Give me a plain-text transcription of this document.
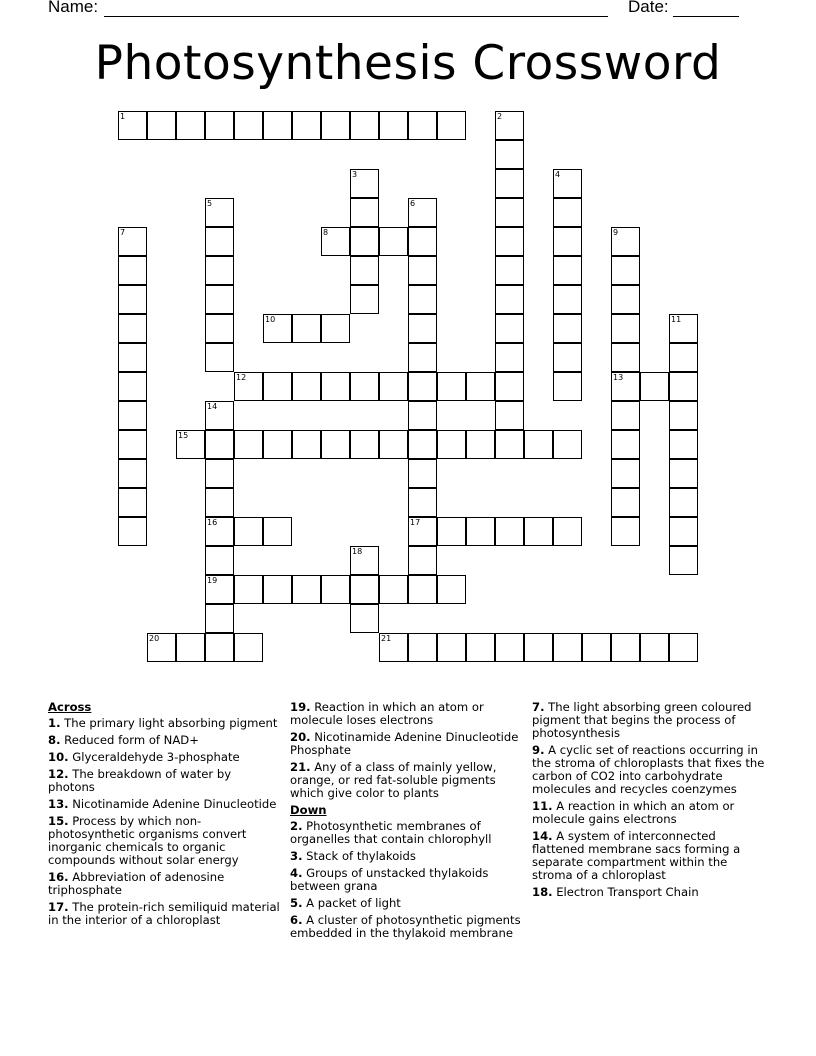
Name:	Date:
Photosynthesis Crossword
1	2
3	4
5	6
17
7	8	9
13
10	11
12
14
16
19
15
18
20	21
Across
1. The primary light absorbing pigment
8. Reduced form of NAD+
10. Glyceraldehyde 3-phosphate
12. The breakdown of water by photons
13. Nicotinamide Adenine Dinucleotide
15. Process by which non-photosynthetic organisms convert inorganic chemicals to organic compounds without solar energy
16. Abbreviation of adenosine triphosphate
17. The protein-rich semiliquid material in the interior of a chloroplast
19. Reaction in which an atom or molecule loses electrons
20. Nicotinamide Adenine Dinucleotide Phosphate
21. Any of a class of mainly yellow, orange, or red fat-soluble pigments which give color to plants
Down
2. Photosynthetic membranes of organelles that contain chlorophyll
3. Stack of thylakoids
4. Groups of unstacked thylakoids between grana
5. A packet of light
6. A cluster of photosynthetic pigments embedded in the thylakoid membrane
7. The light absorbing green coloured pigment that begins the process of photosynthesis
9. A cyclic set of reactions occurring in the stroma of chloroplasts that fixes the carbon of CO2 into carbohydrate molecules and recycles coenzymes
11. A reaction in which an atom or molecule gains electrons
14. A system of interconnected flattened membrane sacs forming a separate compartment within the stroma of a chloroplast
18. Electron Transport Chain
